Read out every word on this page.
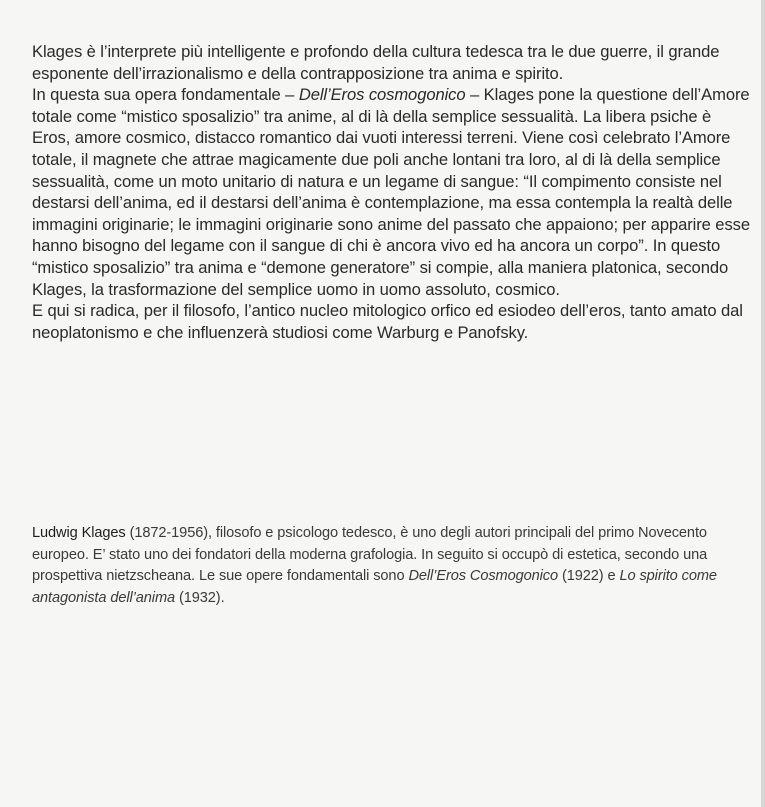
Klages è l’interprete più intelligente e profondo della cultura tedesca tra le due guerre, il grande esponente dell’irrazionalismo e della contrapposizione tra anima e spirito.

In questa sua opera fondamentale – Dell’Eros cosmogonico – Klages pone la questione dell’Amore totale come “mistico sposalizio” tra anime, al di là della semplice sessualità. La libera psiche è Eros, amore cosmico, distacco romantico dai vuoti interessi terreni. Viene così celebrato l’Amore totale, il magnete che attrae magicamente due poli anche lontani tra loro, al di là della semplice sessualità, come un moto unitario di natura e un legame di sangue: “Il compimento consiste nel destarsi dell’anima, ed il destarsi dell’anima è contemplazione, ma essa contempla la realtà delle immagini originarie; le immagini originarie sono anime del passato che appaiono; per apparire esse hanno bisogno del legame con il sangue di chi è ancora vivo ed ha ancora un corpo”. In questo “mistico sposalizio” tra anima e “demone generatore” si compie, alla maniera platonica, secondo Klages, la trasformazione del semplice uomo in uomo assoluto, cosmico.

E qui si radica, per il filosofo, l’antico nucleo mitologico orfico ed esiodeo dell’eros, tanto amato dal neoplatonismo e che influenzerà studiosi come Warburg e Panofsky.

Ludwig Klages (1872-1956), filosofo e psicologo tedesco, è uno degli autori principali del primo Novecento europeo. E’ stato uno dei fondatori della moderna grafologia. In seguito si occupò di estetica, secondo una prospettiva nietzscheana. Le sue opere fondamentali sono Dell’Eros Cosmogonico (1922) e Lo spirito come antagonista dell’anima (1932).
